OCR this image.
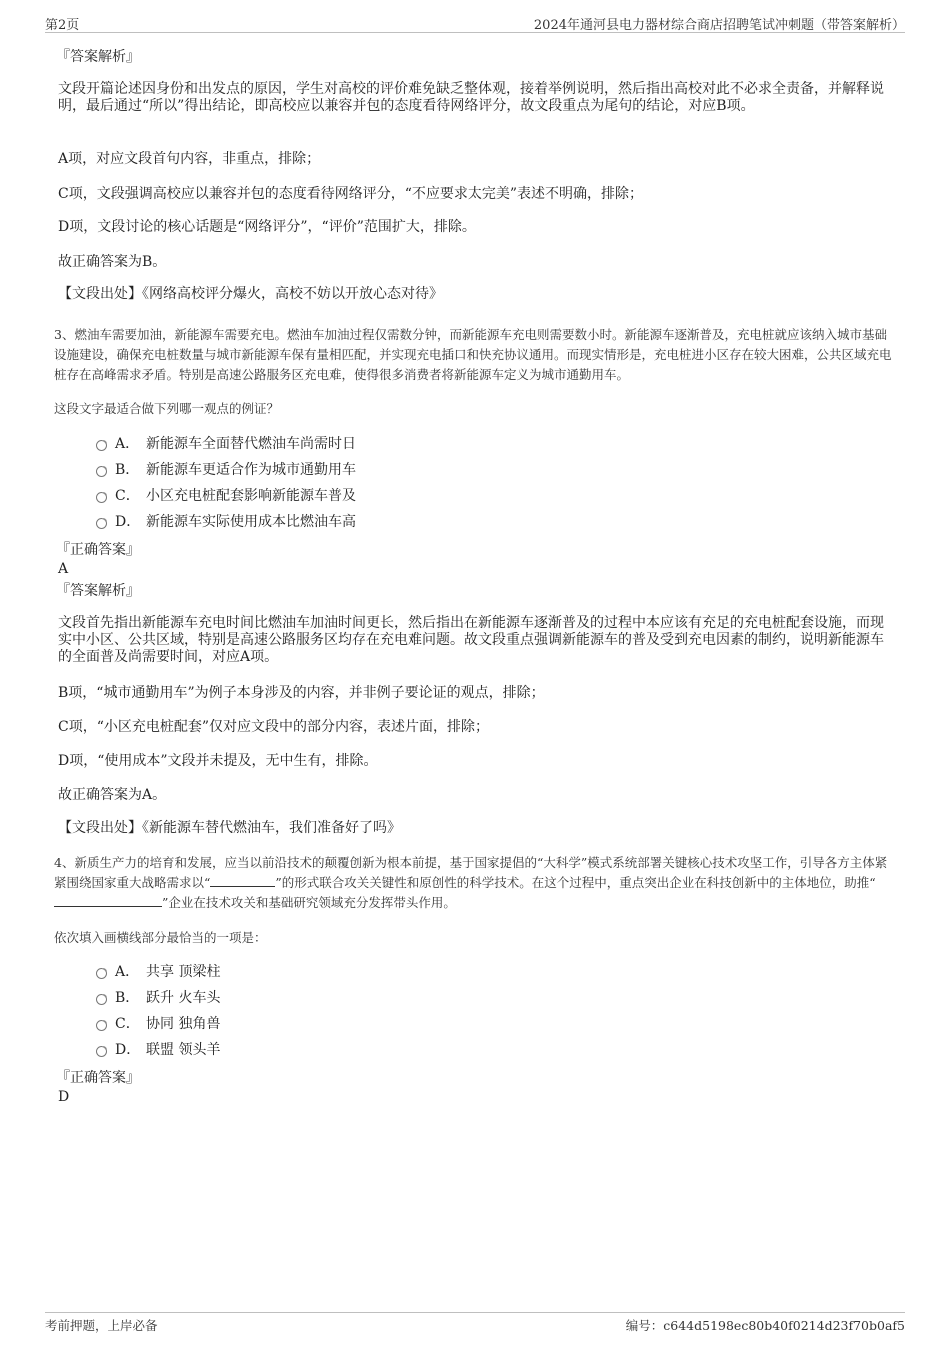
第2页	2024年通河县电力器材综合商店招聘笔试冲刺题（带答案解析）
『答案解析』
文段开篇论述因身份和出发点的原因，学生对高校的评价难免缺乏整体观，接着举例说明，然后指出高校对此不必求全责备，并解释说明，最后通过“所以”得出结论，即高校应以兼容并包的态度看待网络评分，故文段重点为尾句的结论，对应B项。
A项，对应文段首句内容，非重点，排除；
C项，文段强调高校应以兼容并包的态度看待网络评分，“不应要求太完美”表述不明确，排除；
D项，文段讨论的核心话题是“网络评分”，“评价”范围扩大，排除。
故正确答案为B。
【文段出处】《网络高校评分爆火，高校不妨以开放心态对待》
3、燃油车需要加油，新能源车需要充电。燃油车加油过程仅需数分钟，而新能源车充电则需要数小时。新能源车逐渐普及，充电桩就应该纳入城市基础设施建设，确保充电桩数量与城市新能源车保有量相匹配，并实现充电插口和快充协议通用。而现实情形是，充电桩进小区存在较大困难，公共区域充电桩存在高峰需求矛盾。特别是高速公路服务区充电难，使得很多消费者将新能源车定义为城市通勤用车。
这段文字最适合做下列哪一观点的例证？
A． 新能源车全面替代燃油车尚需时日
B． 新能源车更适合作为城市通勤用车
C． 小区充电桩配套影响新能源车普及
D． 新能源车实际使用成本比燃油车高
『正确答案』
A
『答案解析』
文段首先指出新能源车充电时间比燃油车加油时间更长，然后指出在新能源车逐渐普及的过程中本应该有充足的充电桩配套设施，而现实中小区、公共区域，特别是高速公路服务区均存在充电难问题。故文段重点强调新能源车的普及受到充电因素的制约，说明新能源车的全面普及尚需要时间，对应A项。
B项，“城市通勤用车”为例子本身涉及的内容，并非例子要论证的观点，排除；
C项，“小区充电桩配套”仅对应文段中的部分内容，表述片面，排除；
D项，“使用成本”文段并未提及，无中生有，排除。
故正确答案为A。
【文段出处】《新能源车替代燃油车，我们准备好了吗》
4、新质生产力的培育和发展，应当以前沿技术的颠覆创新为根本前提，基于国家提倡的“大科学”模式系统部署关键核心技术攻坚工作，引导各方主体紧紧围绕国家重大战略需求以“	”的形式联合攻关关键性和原创性的科学技术。在这个过程中，重点突出企业在科技创新中的主体地位，助推“”企业在技术攻关和基础研究领域充分发挥带头作用。
依次填入画横线部分最恰当的一项是：
A． 共享 顶梁柱
B． 跃升 火车头
C． 协同 独角兽
D． 联盟 领头羊
『正确答案』
D
考前押题，上岸必备	编号：c644d5198ec80b40f0214d23f70b0af5
